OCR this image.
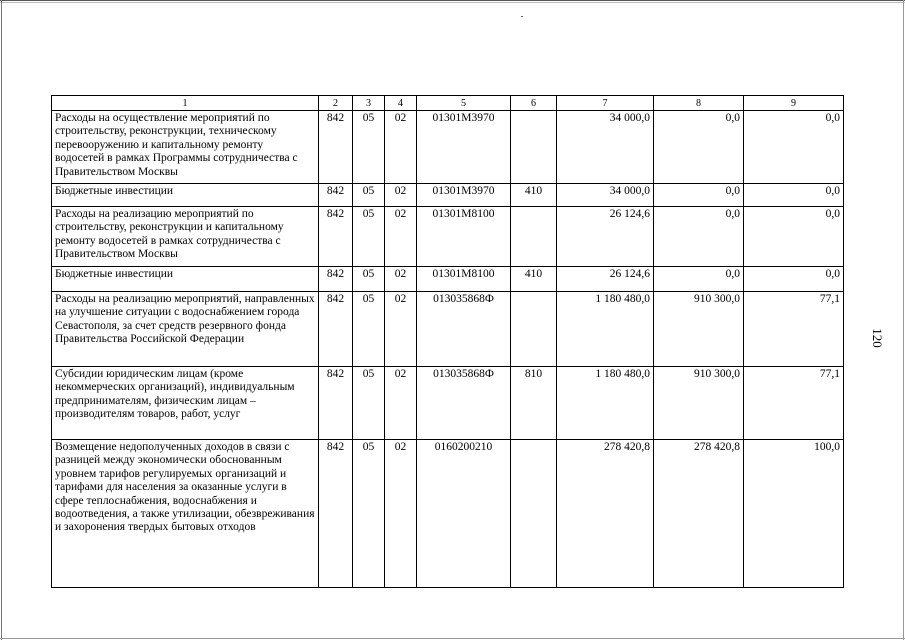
120
1	2	3	4	5	6	7	8	9
Расходы на осуществление мероприятий по строительству, реконструкции, техническому перевооружению и капитальному ремонту водосетей в рамках Программы сотрудничества с Правительством Москвы	842	05	02	01301М3970		34 000,0	0,0	0,0
Бюджетные инвестиции	842	05	02	01301М3970	410	34 000,0	0,0	0,0
Расходы на реализацию мероприятий по строительству, реконструкции и капитальному ремонту водосетей в рамках сотрудничества с Правительством Москвы	842	05	02	01301М8100		26 124,6	0,0	0,0
Бюджетные инвестиции	842	05	02	01301М8100	410	26 124,6	0,0	0,0
Расходы на реализацию мероприятий, направленных на улучшение ситуации с водоснабжением города Севастополя, за счет средств резервного фонда Правительства Российской Федерации	842	05	02	013035868Ф		1 180 480,0	910 300,0	77,1
Субсидии юридическим лицам (кроме некоммерческих организаций), индивидуальным предпринимателям, физическим лицам – производителям товаров, работ, услуг	842	05	02	013035868Ф	810	1 180 480,0	910 300,0	77,1
Возмещение недополученных доходов в связи с разницей между экономически обоснованным уровнем тарифов регулируемых организаций и тарифами для населения за оказанные услуги в сфере теплоснабжения, водоснабжения и водоотведения, а также утилизации, обезвреживания и захоронения твердых бытовых отходов	842	05	02	0160200210		278 420,8	278 420,8	100,0
